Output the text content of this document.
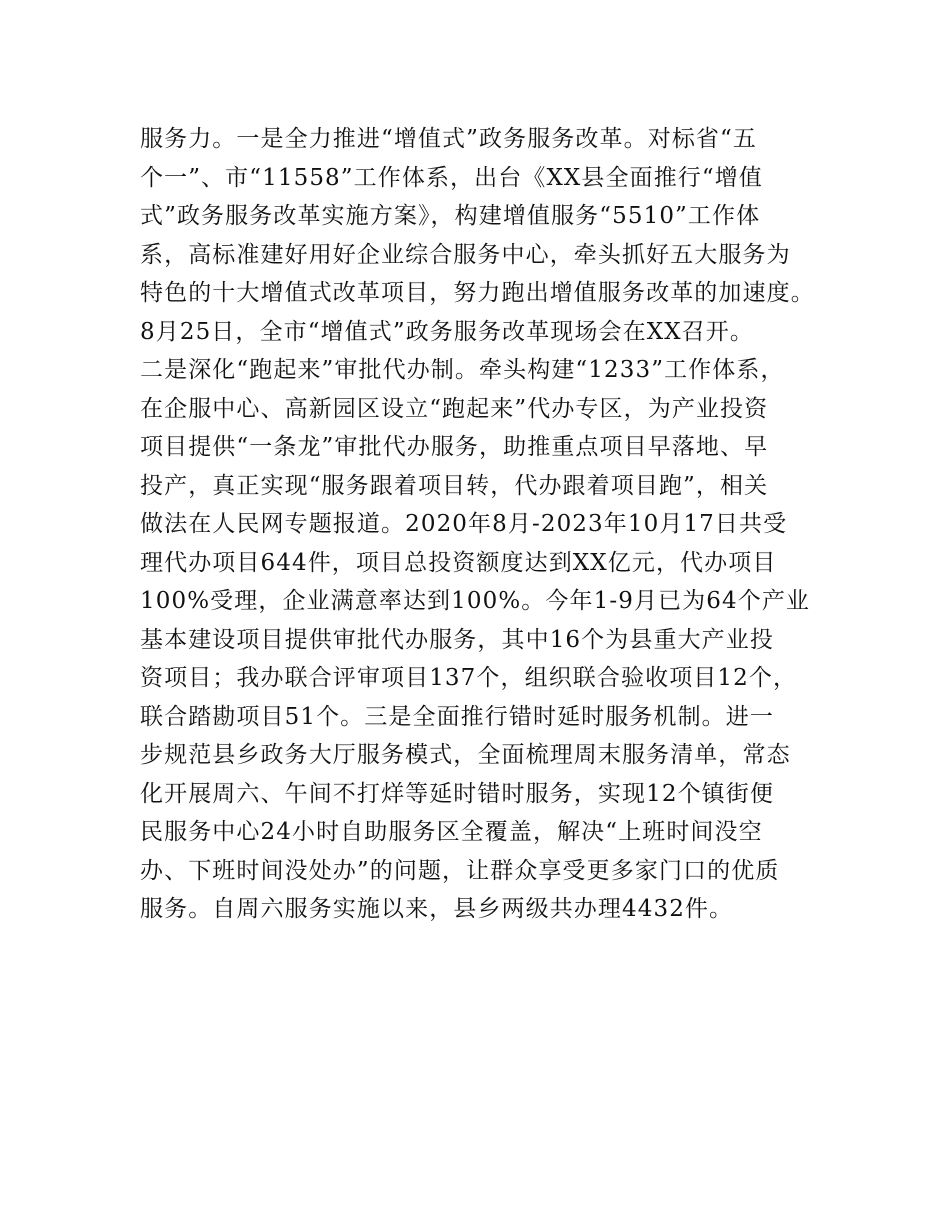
服务力。一是全力推进“增值式”政务服务改革。对标省“五
个一”、市“11558”工作体系，出台《XX县全面推行“增值
式”政务服务改革实施方案》，构建增值服务“5510”工作体
系，高标准建好用好企业综合服务中心，牵头抓好五大服务为
特色的十大增值式改革项目，努力跑出增值服务改革的加速度。
8月25日，全市“增值式”政务服务改革现场会在XX召开。
二是深化“跑起来”审批代办制。牵头构建“1233”工作体系，
在企服中心、高新园区设立“跑起来”代办专区，为产业投资
项目提供“一条龙”审批代办服务，助推重点项目早落地、早
投产，真正实现“服务跟着项目转，代办跟着项目跑”，相关
做法在人民网专题报道。2020年8月-2023年10月17日共受
理代办项目644件，项目总投资额度达到XX亿元，代办项目
100%受理，企业满意率达到100%。今年1-9月已为64个产业
基本建设项目提供审批代办服务，其中16个为县重大产业投
资项目；我办联合评审项目137个，组织联合验收项目12个，
联合踏勘项目51个。三是全面推行错时延时服务机制。进一
步规范县乡政务大厅服务模式，全面梳理周末服务清单，常态
化开展周六、午间不打烊等延时错时服务，实现12个镇街便
民服务中心24小时自助服务区全覆盖，解决“上班时间没空
办、下班时间没处办”的问题，让群众享受更多家门口的优质
服务。自周六服务实施以来，县乡两级共办理4432件。
